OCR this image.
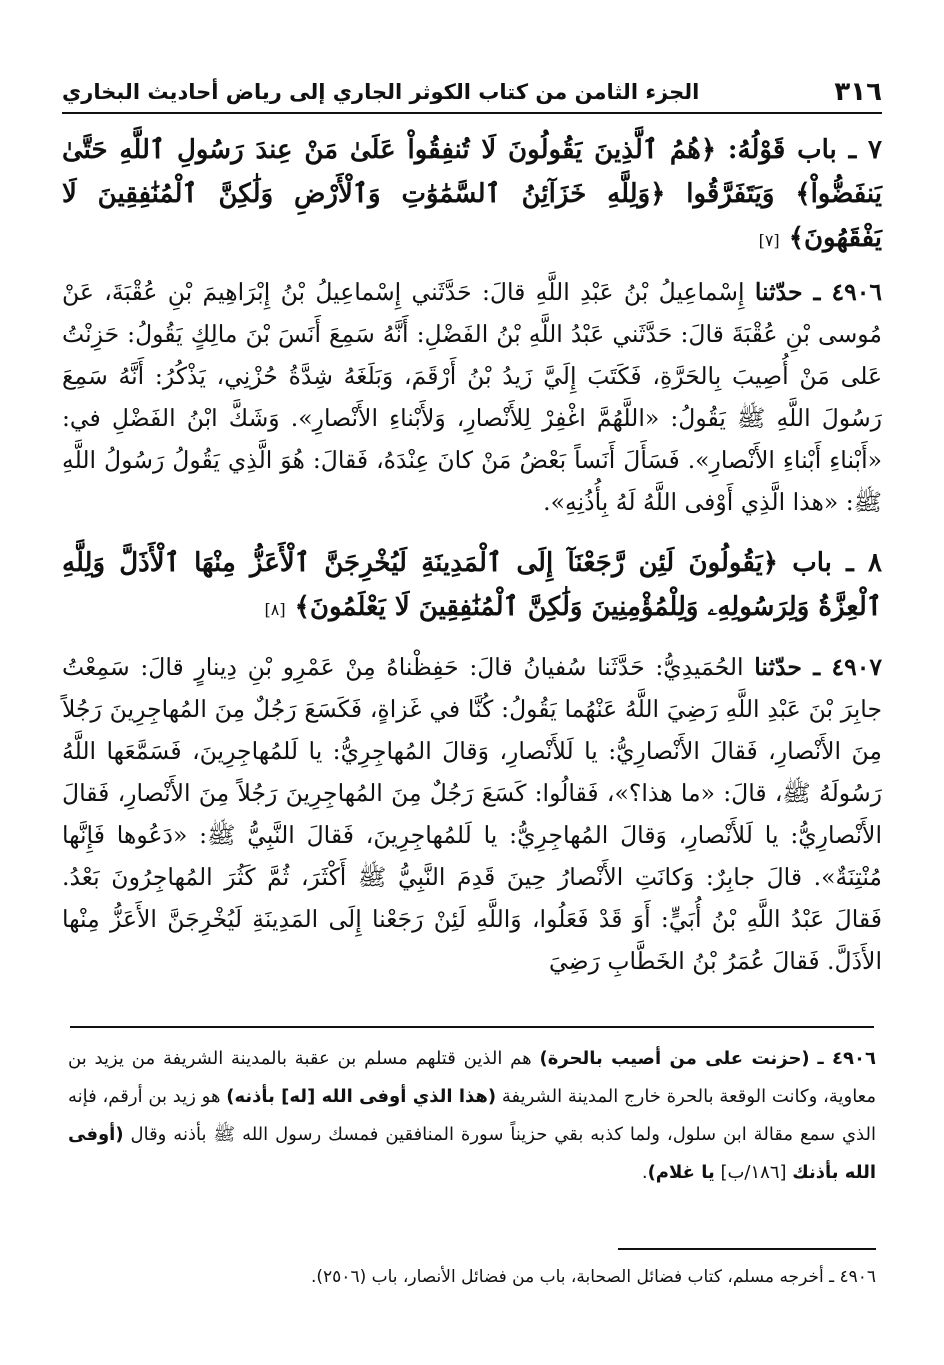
٣١٦
الجزء الثامن من كتاب الكوثر الجاري إلى رياض أحاديث البخاري

٧ ـ باب قَوْلُهُ: ﴿هُمُ ٱلَّذِينَ يَقُولُونَ لَا تُنفِقُواْ عَلَىٰ مَنْ عِندَ رَسُولِ ٱللَّهِ حَتَّىٰ يَنفَضُّواْ﴾ وَيَتَفَرَّقُوا ﴿وَلِلَّهِ خَزَآئِنُ ٱلسَّمَٰوَٰتِ وَٱلْأَرْضِ وَلَٰكِنَّ ٱلْمُنَٰفِقِينَ لَا يَفْقَهُونَ﴾ [٧]

٤٩٠٦ ـ حدّثنا إِسْماعِيلُ بْنُ عَبْدِ اللَّهِ قالَ: حَدَّثَني إِسْماعِيلُ بْنُ إِبْرَاهِيمَ بْنِ عُقْبَةَ، عَنْ مُوسى بْنِ عُقْبَةَ قالَ: حَدَّثَني عَبْدُ اللَّهِ بْنُ الفَضْلِ: أَنَّهُ سَمِعَ أَنَسَ بْنَ مالِكٍ يَقُولُ: حَزِنْتُ عَلى مَنْ أُصِيبَ بِالحَرَّةِ، فَكَتَبَ إِلَيَّ زَيدُ بْنُ أَرْقَمَ، وَبَلَغَهُ شِدَّةُ حُزْنِي، يَذْكُرُ: أَنَّهُ سَمِعَ رَسُولَ اللَّهِ ﷺ يَقُولُ: «اللَّهُمَّ اغْفِرْ لِلأَنْصارِ، وَلأَبْناءِ الأَنْصارِ». وَشَكَّ ابْنُ الفَضْلِ في: «أَبْناءِ أَبْناءِ الأَنْصارِ». فَسَأَلَ أَنَساً بَعْضُ مَنْ كانَ عِنْدَهُ، فَقالَ: هُوَ الَّذِي يَقُولُ رَسُولُ اللَّهِ ﷺ: «هذا الَّذِي أَوْفى اللَّهُ لَهُ بِأُذُنِهِ».

٨ ـ باب ﴿يَقُولُونَ لَئِن رَّجَعْنَآ إِلَى ٱلْمَدِينَةِ لَيُخْرِجَنَّ ٱلْأَعَزُّ مِنْهَا ٱلْأَذَلَّ وَلِلَّهِ ٱلْعِزَّةُ وَلِرَسُولِهِۦ وَلِلْمُؤْمِنِينَ وَلَٰكِنَّ ٱلْمُنَٰفِقِينَ لَا يَعْلَمُونَ﴾ [٨]

٤٩٠٧ ـ حدّثنا الحُمَيدِيُّ: حَدَّثَنا سُفيانُ قالَ: حَفِظْناهُ مِنْ عَمْرِو بْنِ دِينارٍ قالَ: سَمِعْتُ جابِرَ بْنَ عَبْدِ اللَّهِ رَضِيَ اللَّهُ عَنْهُما يَقُولُ: كُنَّا في غَزاةٍ، فَكَسَعَ رَجُلٌ مِنَ المُهاجِرِينَ رَجُلاً مِنَ الأَنْصارِ، فَقالَ الأَنْصارِيُّ: يا لَلأَنْصارِ، وَقالَ المُهاجِرِيُّ: يا لَلمُهاجِرِينَ، فَسَمَّعَها اللَّهُ رَسُولَهُ ﷺ، قالَ: «ما هذا؟»، فَقالُوا: كَسَعَ رَجُلٌ مِنَ المُهاجِرِينَ رَجُلاً مِنَ الأَنْصارِ، فَقالَ الأَنْصارِيُّ: يا لَلأَنْصارِ، وَقالَ المُهاجِرِيُّ: يا لَلمُهاجِرِينَ، فَقالَ النَّبِيُّ ﷺ: «دَعُوها فَإِنَّها مُنْتِنَةٌ». قالَ جابِرٌ: وَكانَتِ الأَنْصارُ حِينَ قَدِمَ النَّبِيُّ ﷺ أَكْثَرَ، ثُمَّ كَثُرَ المُهاجِرُونَ بَعْدُ. فَقالَ عَبْدُ اللَّهِ بْنُ أُبَيٍّ: أَوَ قَدْ فَعَلُوا، وَاللَّهِ لَئِنْ رَجَعْنا إِلَى المَدِينَةِ لَيُخْرِجَنَّ الأَعَزُّ مِنْها الأَذَلَّ. فَقالَ عُمَرُ بْنُ الخَطَّابِ رَضِيَ

٤٩٠٦ ـ (حزنت على من أصيب بالحرة) هم الذين قتلهم مسلم بن عقبة بالمدينة الشريفة من يزيد بن معاوية، وكانت الوقعة بالحرة خارج المدينة الشريفة (هذا الذي أوفى الله [له] بأذنه) هو زيد بن أرقم، فإنه الذي سمع مقالة ابن سلول، ولما كذبه بقي حزيناً سورة المنافقين فمسك رسول الله ﷺ بأذنه وقال (أوفى الله بأذنك [١٨٦/ب] يا غلام).
٤٩٠٦ ـ أخرجه مسلم، كتاب فضائل الصحابة، باب من فضائل الأنصار، باب (٢٥٠٦).
